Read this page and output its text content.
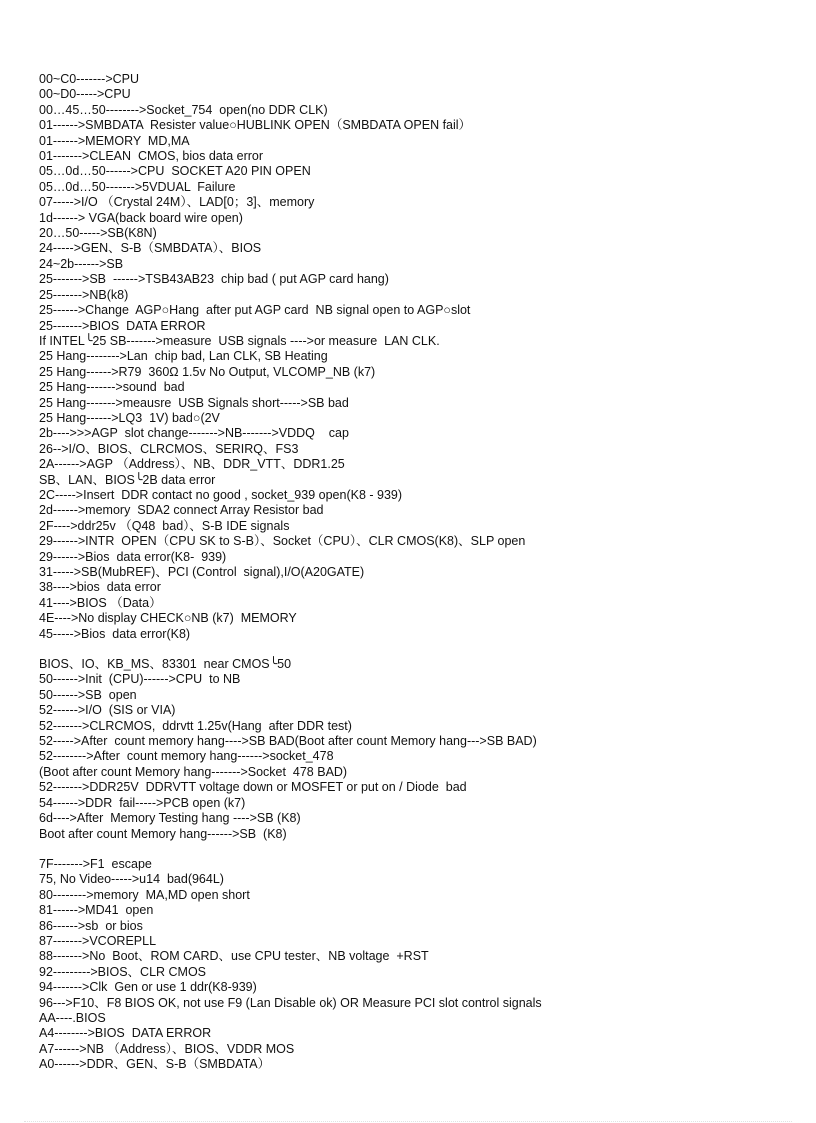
00~C0------->CPU
00~D0----->CPU
00…45…50-------->Socket_754  open(no DDR CLK)
01------>SMBDATA  Resister value○HUBLINK OPEN（SMBDATA OPEN fail）
01------>MEMORY  MD,MA
01------->CLEAN  CMOS, bios data error
05…0d…50------>CPU  SOCKET A20 PIN OPEN
05…0d…50------->5VDUAL  Failure
07----->I/O （Crystal 24M）、LAD[0；3]、memory
1d------> VGA(back board wire open)
20…50----->SB(K8N)
24----->GEN、S-B（SMBDATA）、BIOS
24~2b------>SB
25------->SB  ------>TSB43AB23  chip bad ( put AGP card hang)
25------->NB(k8)
25------>Change  AGP○Hang  after put AGP card  NB signal open to AGP○slot
25------->BIOS  DATA ERROR
If INTEL╰25 SB------->measure  USB signals ---->or measure  LAN CLK.
25 Hang-------->Lan  chip bad, Lan CLK, SB Heating
25 Hang------>R79  360Ω 1.5v No Output, VLCOMP_NB (k7)
25 Hang------->sound  bad
25 Hang------->meausre  USB Signals short----->SB bad
25 Hang------>LQ3  1V) bad○(2V
2b---->>>AGP  slot change------->NB------->VDDQ    cap
26-->I/O、BIOS、CLRCMOS、SERIRQ、FS3
2A------>AGP （Address）、NB、DDR_VTT、DDR1.25
SB、LAN、BIOS╰2B data error
2C----->Insert  DDR contact no good , socket_939 open(K8 - 939)
2d------>memory  SDA2 connect Array Resistor bad
2F---->ddr25v （Q48  bad）、S-B IDE signals
29------>INTR  OPEN（CPU SK to S-B）、Socket（CPU）、CLR CMOS(K8)、SLP open
29------>Bios  data error(K8-  939)
31----->SB(MubREF)、PCI (Control  signal),I/O(A20GATE)
38---->bios  data error
41---->BIOS （Data）
4E---->No display CHECK○NB (k7)  MEMORY
45----->Bios  data error(K8)
BIOS、IO、KB_MS、83301  near CMOS╰50
50------>Init  (CPU)------>CPU  to NB
50------>SB  open
52------>I/O  (SIS or VIA)
52------->CLRCMOS,  ddrvtt 1.25v(Hang  after DDR test)
52----->After  count memory hang---->SB BAD(Boot after count Memory hang--->SB BAD)
52-------->After  count memory hang------>socket_478
(Boot after count Memory hang------->Socket  478 BAD)
52------->DDR25V  DDRVTT voltage down or MOSFET or put on / Diode  bad
54------>DDR  fail----->PCB open (k7)
6d---->After  Memory Testing hang ---->SB (K8)
Boot after count Memory hang------>SB  (K8)
7F------->F1  escape
75, No Video----->u14  bad(964L)
80-------->memory  MA,MD open short
81------>MD41  open
86------>sb  or bios
87------->VCOREPLL
88------->No  Boot、ROM CARD、use CPU tester、NB voltage  +RST
92--------->BIOS、CLR CMOS
94------->Clk  Gen or use 1 ddr(K8-939)
96--->F10、F8 BIOS OK, not use F9 (Lan Disable ok) OR Measure PCI slot control signals
AA----.BIOS
A4-------->BIOS  DATA ERROR
A7------>NB （Address）、BIOS、VDDR MOS
A0------>DDR、GEN、S-B（SMBDATA）
